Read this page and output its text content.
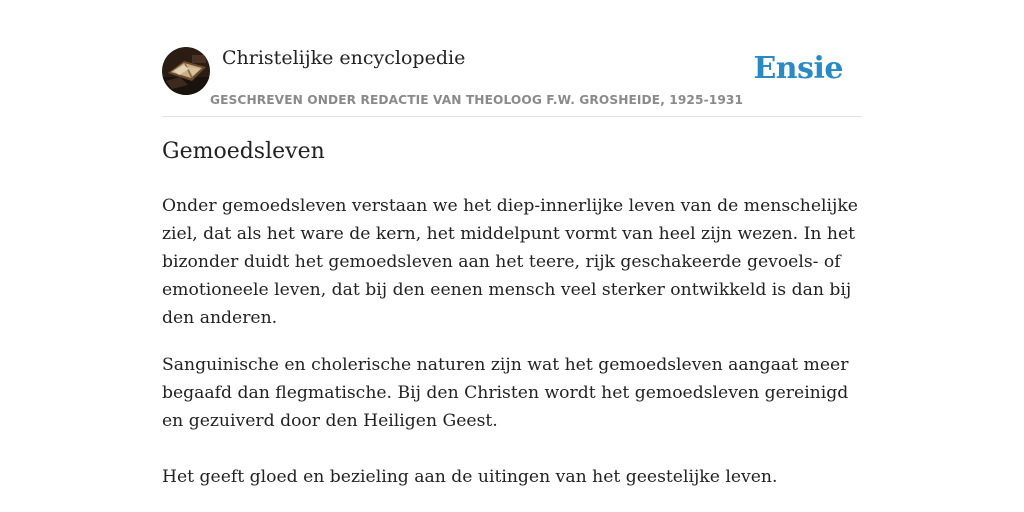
Christelijke encyclopedie
GESCHREVEN ONDER REDACTIE VAN THEOLOOG F.W. GROSHEIDE, 1925-1931
Ensie
Gemoedsleven

Onder gemoedsleven verstaan we het diep-innerlijke leven van de menschelijke ziel, dat als het ware de kern, het middelpunt vormt van heel zijn wezen. In het bizonder duidt het gemoedsleven aan het teere, rijk geschakeerde gevoels- of emotioneele leven, dat bij den eenen mensch veel sterker ontwikkeld is dan bij den anderen.

Sanguinische en cholerische naturen zijn wat het gemoedsleven aangaat meer begaafd dan flegmatische. Bij den Christen wordt het gemoedsleven gereinigd en gezuiverd door den Heiligen Geest.

Het geeft gloed en bezieling aan de uitingen van het geestelijke leven.
